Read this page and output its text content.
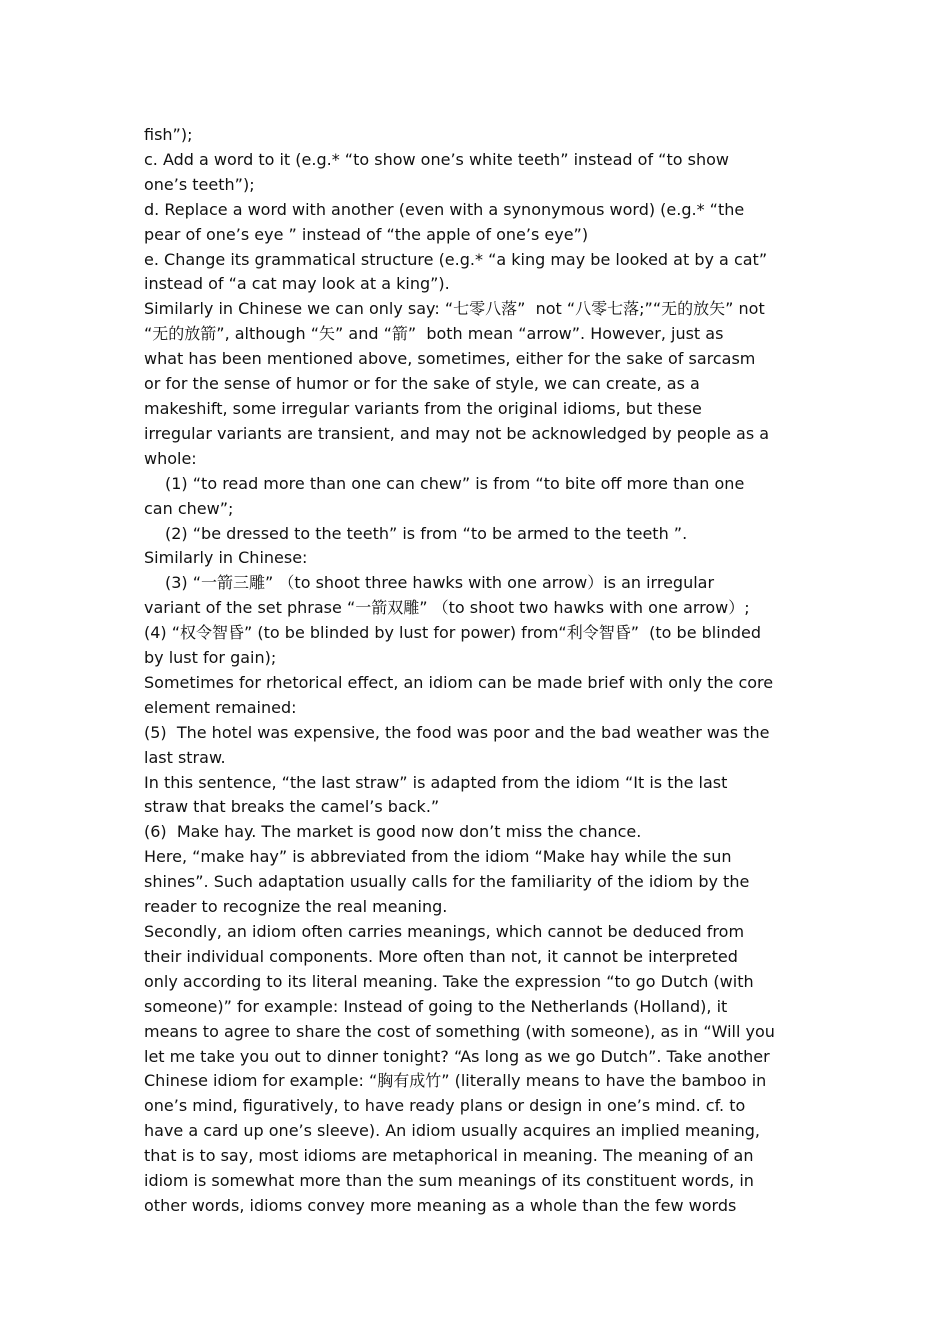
fish”);
c. Add a word to it (e.g.* “to show one’s white teeth” instead of “to show
one’s teeth”);
d. Replace a word with another (even with a synonymous word) (e.g.* “the
pear of one’s eye ” instead of “the apple of one’s eye”)
e. Change its grammatical structure (e.g.* “a king may be looked at by a cat”
instead of “a cat may look at a king”).
Similarly in Chinese we can only say: “七零八落”  not “八零七落;”“无的放矢” not
“无的放箭”, although “矢” and “箭”  both mean “arrow”. However, just as
what has been mentioned above, sometimes, either for the sake of sarcasm
or for the sense of humor or for the sake of style, we can create, as a
makeshift, some irregular variants from the original idioms, but these
irregular variants are transient, and may not be acknowledged by people as a
whole:
(1) “to read more than one can chew” is from “to bite off more than one
can chew”;
(2) “be dressed to the teeth” is from “to be armed to the teeth ”.
Similarly in Chinese:
(3) “一箭三雕” （to shoot three hawks with one arrow）is an irregular
variant of the set phrase “一箭双雕” （to shoot two hawks with one arrow）;
(4) “权令智昏” (to be blinded by lust for power) from“利令智昏”  (to be blinded
by lust for gain);
Sometimes for rhetorical effect, an idiom can be made brief with only the core
element remained:
(5)  The hotel was expensive, the food was poor and the bad weather was the
last straw.
In this sentence, “the last straw” is adapted from the idiom “It is the last
straw that breaks the camel’s back.”
(6)  Make hay. The market is good now don’t miss the chance.
Here, “make hay” is abbreviated from the idiom “Make hay while the sun
shines”. Such adaptation usually calls for the familiarity of the idiom by the
reader to recognize the real meaning.
Secondly, an idiom often carries meanings, which cannot be deduced from
their individual components. More often than not, it cannot be interpreted
only according to its literal meaning. Take the expression “to go Dutch (with
someone)” for example: Instead of going to the Netherlands (Holland), it
means to agree to share the cost of something (with someone), as in “Will you
let me take you out to dinner tonight? “As long as we go Dutch”. Take another
Chinese idiom for example: “胸有成竹” (literally means to have the bamboo in
one’s mind, figuratively, to have ready plans or design in one’s mind. cf. to
have a card up one’s sleeve). An idiom usually acquires an implied meaning,
that is to say, most idioms are metaphorical in meaning. The meaning of an
idiom is somewhat more than the sum meanings of its constituent words, in
other words, idioms convey more meaning as a whole than the few words
